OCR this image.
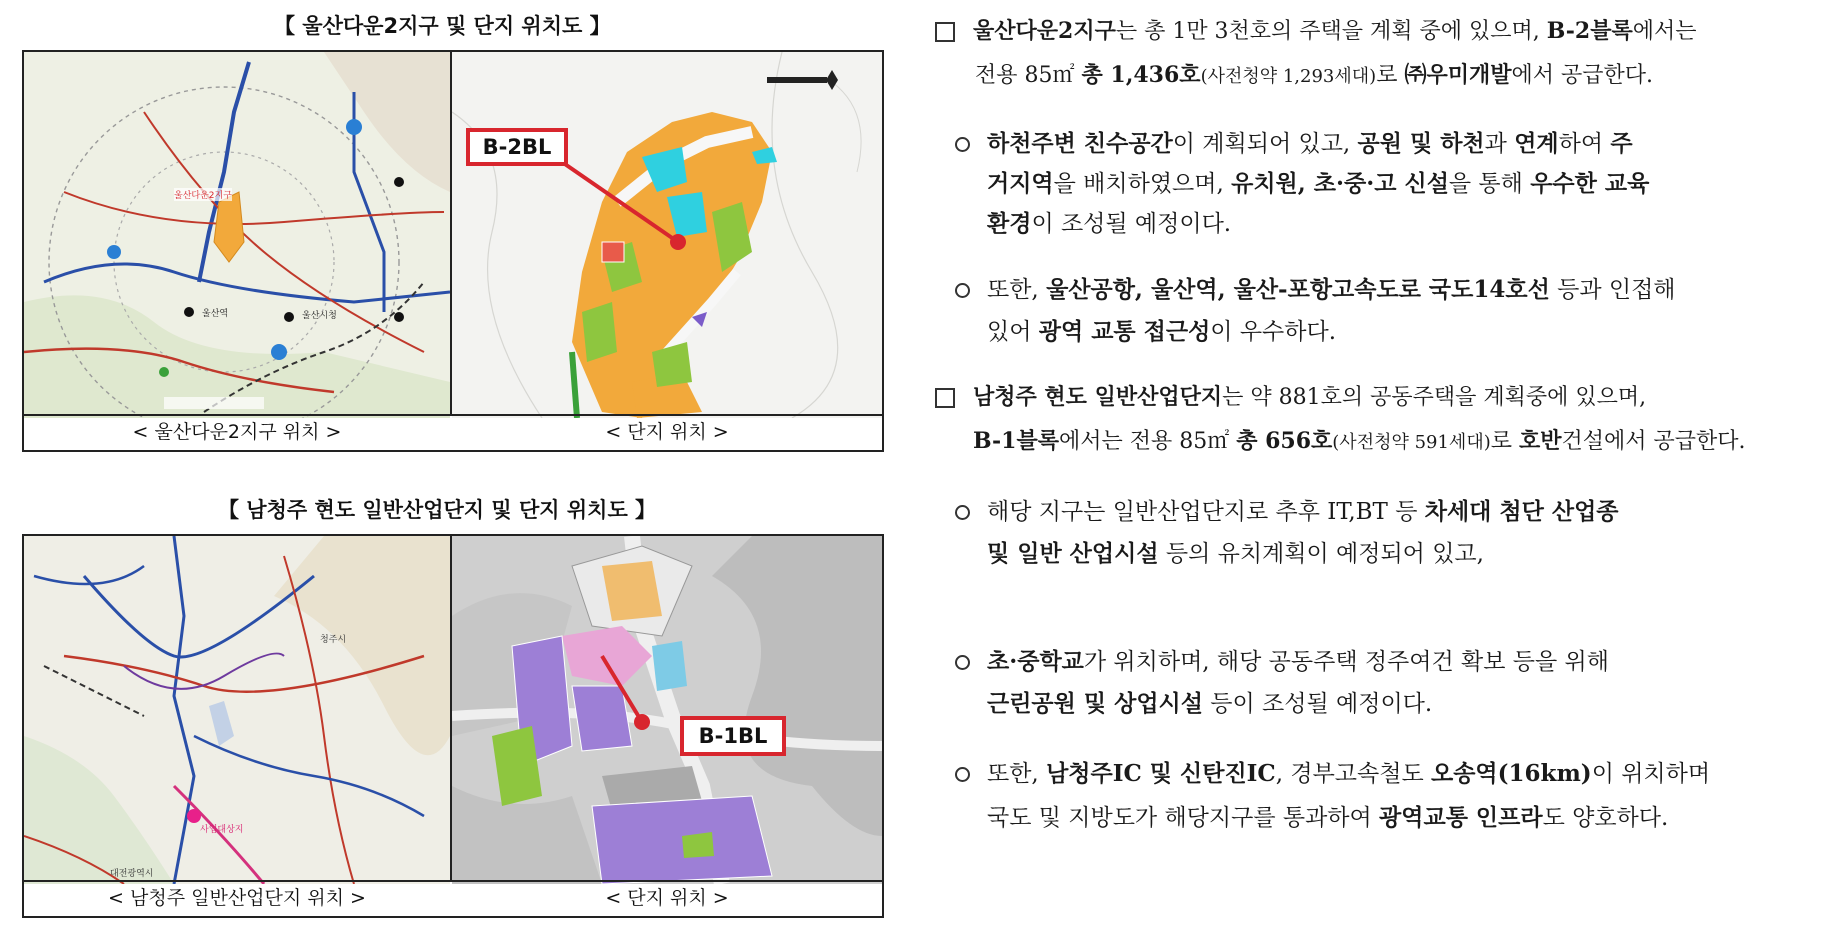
【 울산다운2지구 및 단지 위치도 】
울산다운2지구
울산역	울산시청
B-2BL
< 울산다운2지구 위치 >	< 단지 위치 >
【 남청주 현도 일반산업단지 및 단지 위치도 】
사업대상지
청주시
대전광역시
B-1BL
< 남청주 일반산업단지 위치 >	< 단지 위치 >
울산다운2지구는 총 1만 3천호의 주택을 계획 중에 있으며, B-2블록에서는
전용 85㎡ 총 1,436호(사전청약 1,293세대)로 ㈜우미개발에서 공급한다.
하천주변 친수공간이 계획되어 있고, 공원 및 하천과 연계하여 주
거지역을 배치하였으며, 유치원, 초·중·고 신설을 통해 우수한 교육
환경이 조성될 예정이다.
또한, 울산공항, 울산역, 울산-포항고속도로 국도14호선 등과 인접해
있어 광역 교통 접근성이 우수하다.
남청주 현도 일반산업단지는 약 881호의 공동주택을 계획중에 있으며,
B-1블록에서는 전용 85㎡ 총 656호(사전청약 591세대)로 호반건설에서 공급한다.
해당 지구는 일반산업단지로 추후 IT,BT 등 차세대 첨단 산업종
및 일반 산업시설 등의 유치계획이 예정되어 있고,
초·중학교가 위치하며, 해당 공동주택 정주여건 확보 등을 위해
근린공원 및 상업시설 등이 조성될 예정이다.
또한, 남청주IC 및 신탄진IC, 경부고속철도 오송역(16km)이 위치하며
국도 및 지방도가 해당지구를 통과하여 광역교통 인프라도 양호하다.
